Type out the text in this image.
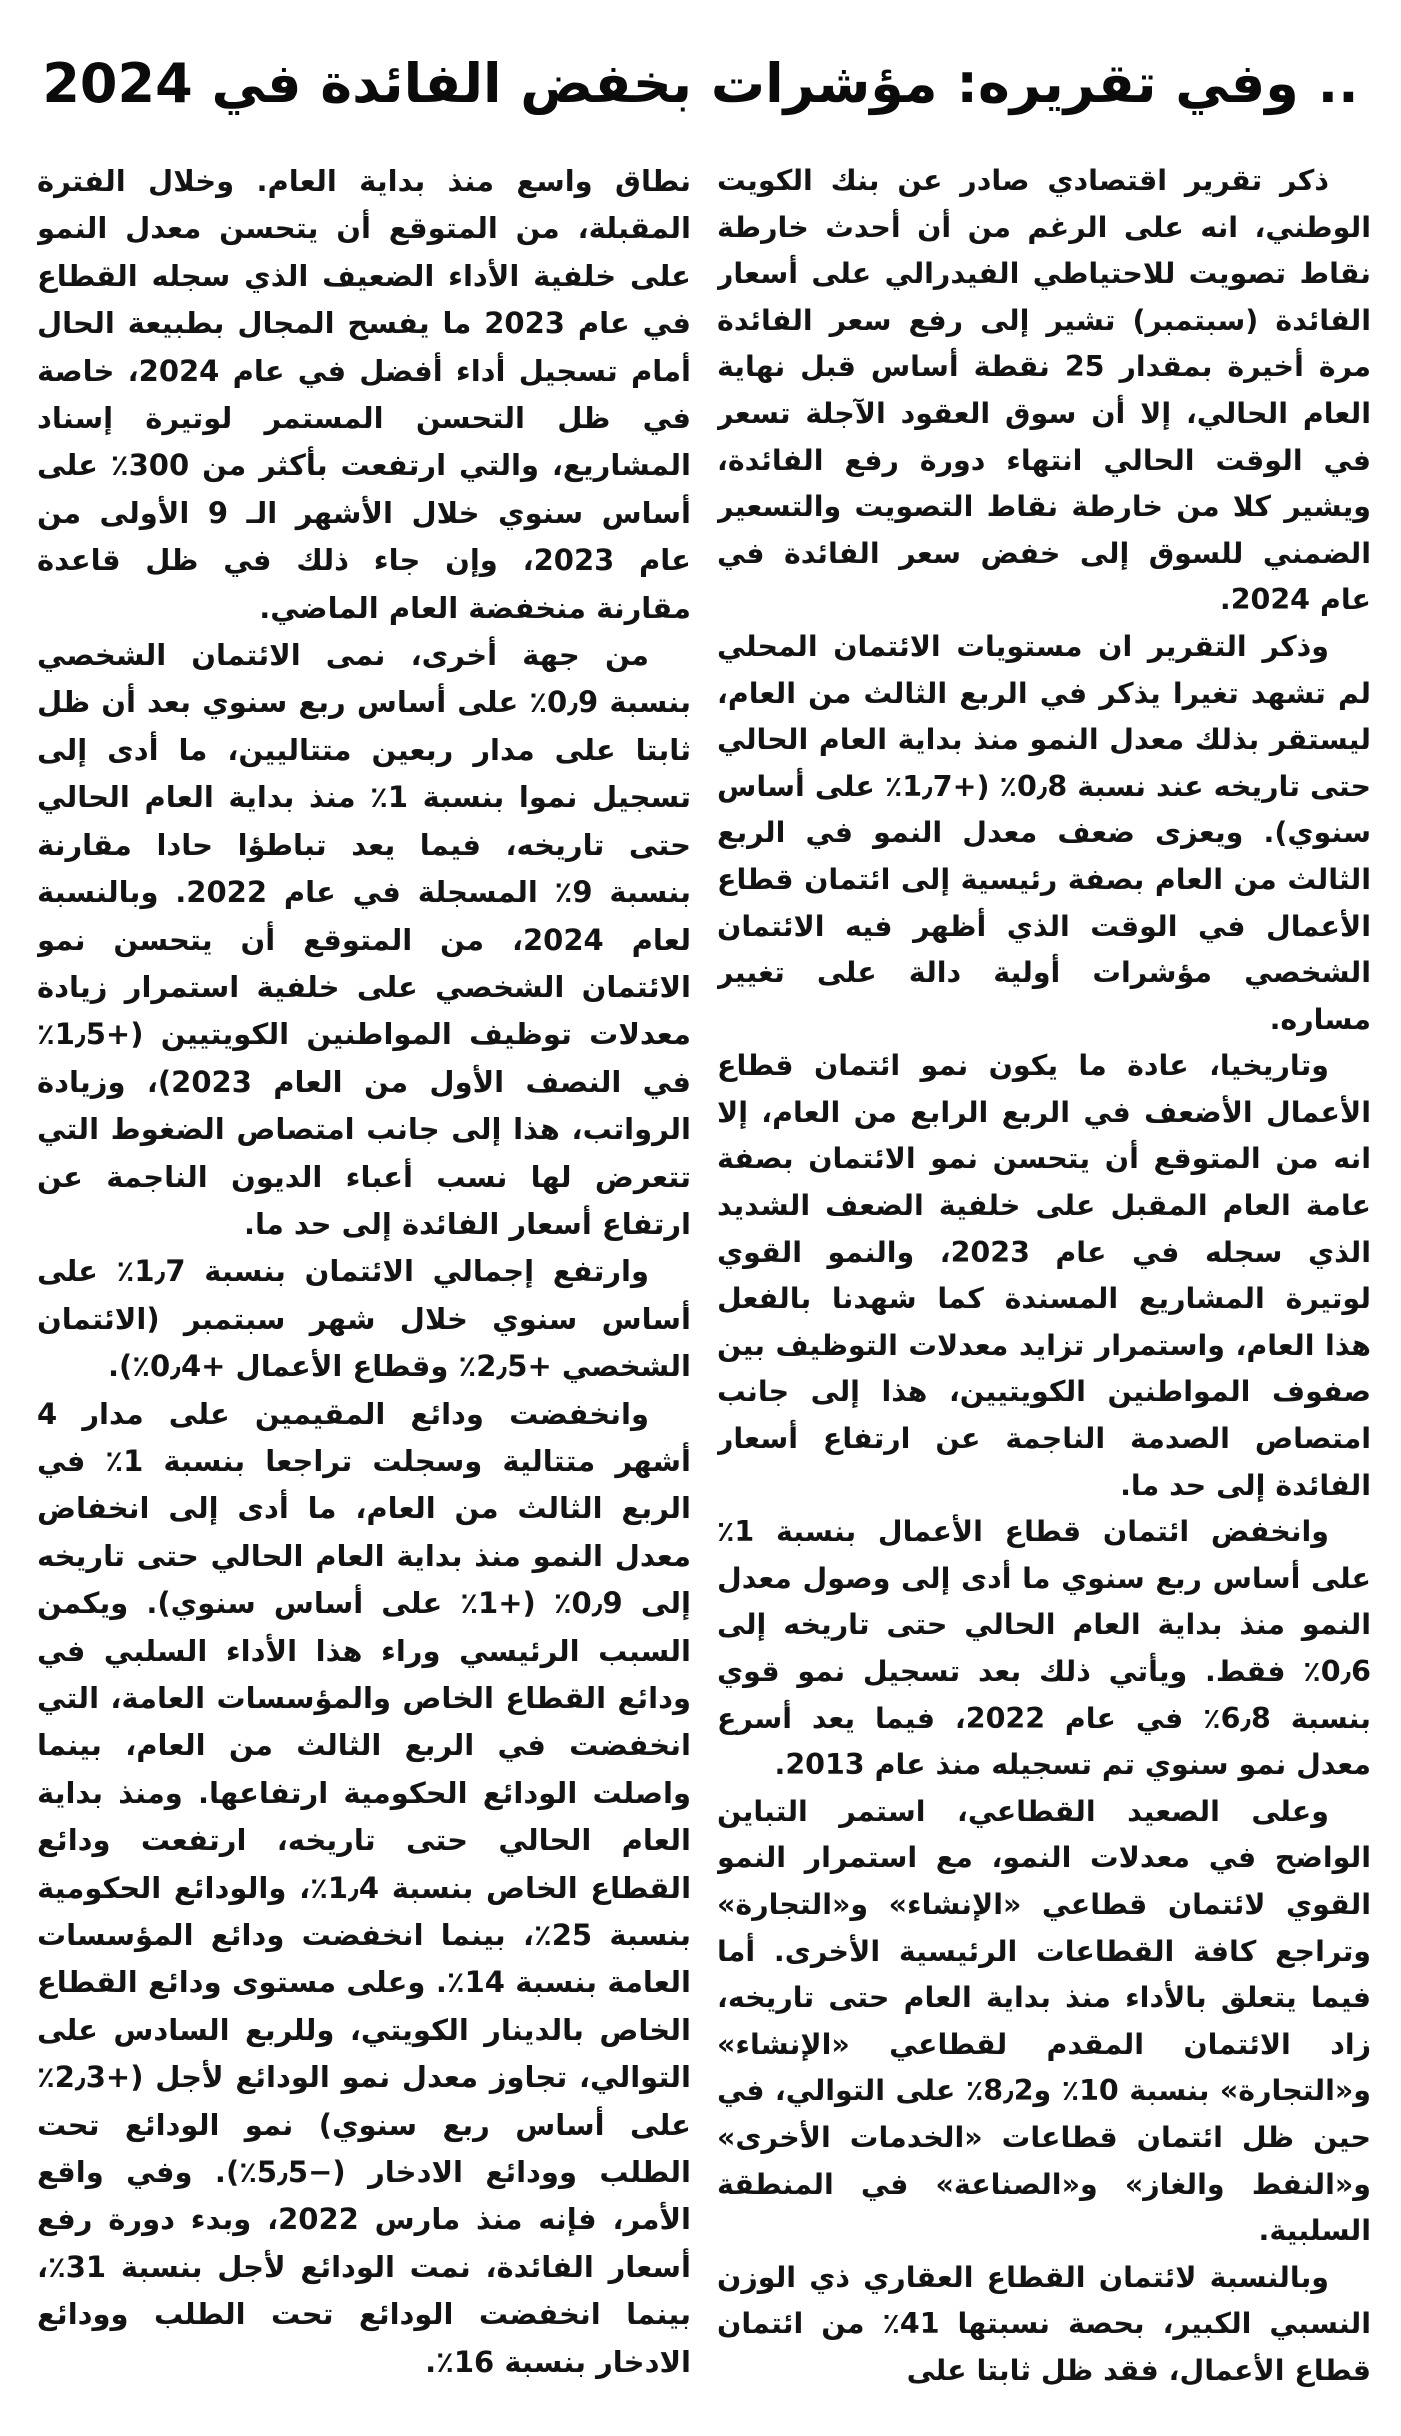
.. وفي تقريره: مؤشرات بخفض الفائدة في 2024

ذكر تقرير اقتصادي صادر عن بنك الكويت الوطني، انه على الرغم من أن أحدث خارطة نقاط تصويت للاحتياطي الفيدرالي على أسعار الفائدة (سبتمبر) تشير إلى رفع سعر الفائدة مرة أخيرة بمقدار 25 نقطة أساس قبل نهاية العام الحالي، إلا أن سوق العقود الآجلة تسعر في الوقت الحالي انتهاء دورة رفع الفائدة، ويشير كلا من خارطة نقاط التصويت والتسعير الضمني للسوق إلى خفض سعر الفائدة في عام 2024.

وذكر التقرير ان مستويات الائتمان المحلي لم تشهد تغيرا يذكر في الربع الثالث من العام، ليستقر بذلك معدل النمو منذ بداية العام الحالي حتى تاريخه عند نسبة 0٫8٪ (+1٫7٪ على أساس سنوي). ويعزى ضعف معدل النمو في الربع الثالث من العام بصفة رئيسية إلى ائتمان قطاع الأعمال في الوقت الذي أظهر فيه الائتمان الشخصي مؤشرات أولية دالة على تغيير مساره.

وتاريخيا، عادة ما يكون نمو ائتمان قطاع الأعمال الأضعف في الربع الرابع من العام، إلا انه من المتوقع أن يتحسن نمو الائتمان بصفة عامة العام المقبل على خلفية الضعف الشديد الذي سجله في عام 2023، والنمو القوي لوتيرة المشاريع المسندة كما شهدنا بالفعل هذا العام، واستمرار تزايد معدلات التوظيف بين صفوف المواطنين الكويتيين، هذا إلى جانب امتصاص الصدمة الناجمة عن ارتفاع أسعار الفائدة إلى حد ما.

وانخفض ائتمان قطاع الأعمال بنسبة 1٪ على أساس ربع سنوي ما أدى إلى وصول معدل النمو منذ بداية العام الحالي حتى تاريخه إلى 0٫6٪ فقط. ويأتي ذلك بعد تسجيل نمو قوي بنسبة 6٫8٪ في عام 2022، فيما يعد أسرع معدل نمو سنوي تم تسجيله منذ عام 2013.

وعلى الصعيد القطاعي، استمر التباين الواضح في معدلات النمو، مع استمرار النمو القوي لائتمان قطاعي «الإنشاء» و«التجارة» وتراجع كافة القطاعات الرئيسية الأخرى. أما فيما يتعلق بالأداء منذ بداية العام حتى تاريخه، زاد الائتمان المقدم لقطاعي «الإنشاء» و«التجارة» بنسبة 10٪ و8٫2٪ على التوالي، في حين ظل ائتمان قطاعات «الخدمات الأخرى» و«النفط والغاز» و«الصناعة» في المنطقة السلبية.

وبالنسبة لائتمان القطاع العقاري ذي الوزن النسبي الكبير، بحصة نسبتها 41٪ من ائتمان قطاع الأعمال، فقد ظل ثابتا على

نطاق واسع منذ بداية العام. وخلال الفترة المقبلة، من المتوقع أن يتحسن معدل النمو على خلفية الأداء الضعيف الذي سجله القطاع في عام 2023 ما يفسح المجال بطبيعة الحال أمام تسجيل أداء أفضل في عام 2024، خاصة في ظل التحسن المستمر لوتيرة إسناد المشاريع، والتي ارتفعت بأكثر من 300٪ على أساس سنوي خلال الأشهر الـ 9 الأولى من عام 2023، وإن جاء ذلك في ظل قاعدة مقارنة منخفضة العام الماضي.

من جهة أخرى، نمى الائتمان الشخصي بنسبة 0٫9٪ على أساس ربع سنوي بعد أن ظل ثابتا على مدار ربعين متتاليين، ما أدى إلى تسجيل نموا بنسبة 1٪ منذ بداية العام الحالي حتى تاريخه، فيما يعد تباطؤا حادا مقارنة بنسبة 9٪ المسجلة في عام 2022. وبالنسبة لعام 2024، من المتوقع أن يتحسن نمو الائتمان الشخصي على خلفية استمرار زيادة معدلات توظيف المواطنين الكويتيين (+1٫5٪ في النصف الأول من العام 2023)، وزيادة الرواتب، هذا إلى جانب امتصاص الضغوط التي تتعرض لها نسب أعباء الديون الناجمة عن ارتفاع أسعار الفائدة إلى حد ما.

وارتفع إجمالي الائتمان بنسبة 1٫7٪ على أساس سنوي خلال شهر سبتمبر (الائتمان الشخصي +2٫5٪ وقطاع الأعمال +0٫4٪).

وانخفضت ودائع المقيمين على مدار 4 أشهر متتالية وسجلت تراجعا بنسبة 1٪ في الربع الثالث من العام، ما أدى إلى انخفاض معدل النمو منذ بداية العام الحالي حتى تاريخه إلى 0٫9٪ (+1٪ على أساس سنوي). ويكمن السبب الرئيسي وراء هذا الأداء السلبي في ودائع القطاع الخاص والمؤسسات العامة، التي انخفضت في الربع الثالث من العام، بينما واصلت الودائع الحكومية ارتفاعها. ومنذ بداية العام الحالي حتى تاريخه، ارتفعت ودائع القطاع الخاص بنسبة 1٫4٪، والودائع الحكومية بنسبة 25٪، بينما انخفضت ودائع المؤسسات العامة بنسبة 14٪. وعلى مستوى ودائع القطاع الخاص بالدينار الكويتي، وللربع السادس على التوالي، تجاوز معدل نمو الودائع لأجل (+2٫3٪ على أساس ربع سنوي) نمو الودائع تحت الطلب وودائع الادخار (−5٫5٪). وفي واقع الأمر، فإنه منذ مارس 2022، وبدء دورة رفع أسعار الفائدة، نمت الودائع لأجل بنسبة 31٪، بينما انخفضت الودائع تحت الطلب وودائع الادخار بنسبة 16٪.
